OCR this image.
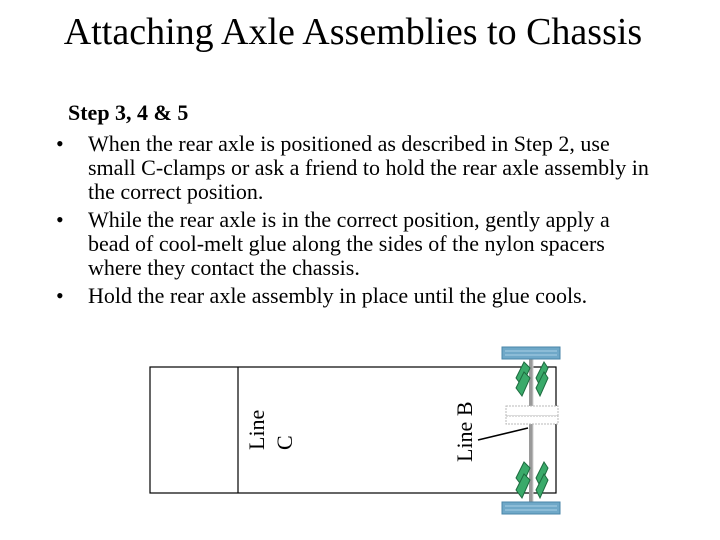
Attaching Axle Assemblies to Chassis
Step 3, 4 & 5
• When the rear axle is positioned as described in Step 2, use small C-clamps or ask a friend to hold the rear axle assembly in the correct position.
• While the rear axle is in the correct position, gently apply a bead of cool-melt glue along the sides of the nylon spacers where they contact the chassis.
• Hold the rear axle assembly in place until the glue cools.
Line C	Line B
